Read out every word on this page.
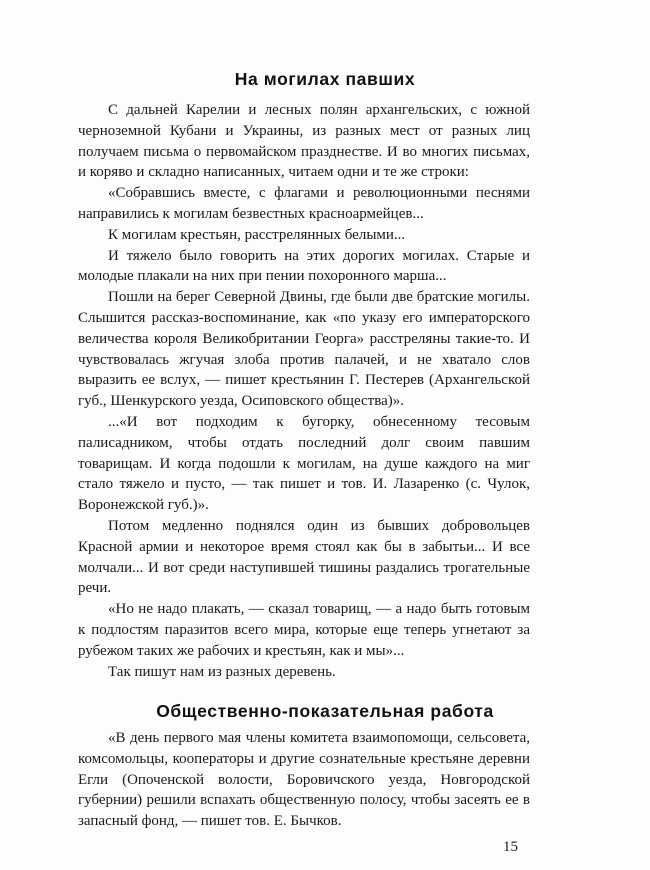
На могилах павших

С дальней Карелии и лесных полян архангельских, с южной черноземной Кубани и Украины, из разных мест от разных лиц получаем письма о первомайском празднестве. И во многих письмах, и коряво и складно написанных, читаем одни и те же строки:

«Собравшись вместе, с флагами и революционными песнями направились к могилам безвестных красноармейцев...

К могилам крестьян, расстрелянных белыми...

И тяжело было говорить на этих дорогих могилах. Старые и молодые плакали на них при пении похоронного марша...

Пошли на берег Северной Двины, где были две братские могилы. Слышится рассказ-воспоминание, как «по указу его императорского величества короля Великобритании Георга» расстреляны такие-то. И чувствовалась жгучая злоба против палачей, и не хватало слов выразить ее вслух, — пишет крестьянин Г. Пестерев (Архангельской губ., Шенкурского уезда, Осиповского общества)».

...«И вот подходим к бугорку, обнесенному тесовым палисадником, чтобы отдать последний долг своим павшим товарищам. И когда подошли к могилам, на душе каждого на миг стало тяжело и пусто, — так пишет и тов. И. Лазаренко (с. Чулок, Воронежской губ.)».

Потом медленно поднялся один из бывших добровольцев Красной армии и некоторое время стоял как бы в забытьи... И все молчали... И вот среди наступившей тишины раздались трогательные речи.

«Но не надо плакать, — сказал товарищ, — а надо быть готовым к подлостям паразитов всего мира, которые еще теперь угнетают за рубежом таких же рабочих и крестьян, как и мы»...

Так пишут нам из разных деревень.

Общественно-показательная работа

«В день первого мая члены комитета взаимопомощи, сельсовета, комсомольцы, кооператоры и другие сознательные крестьяне деревни Егли (Опоченской волости, Боровичского уезда, Новгородской губернии) решили вспахать общественную полосу, чтобы засеять ее в запасный фонд, — пишет тов. Е. Бычков.

15
